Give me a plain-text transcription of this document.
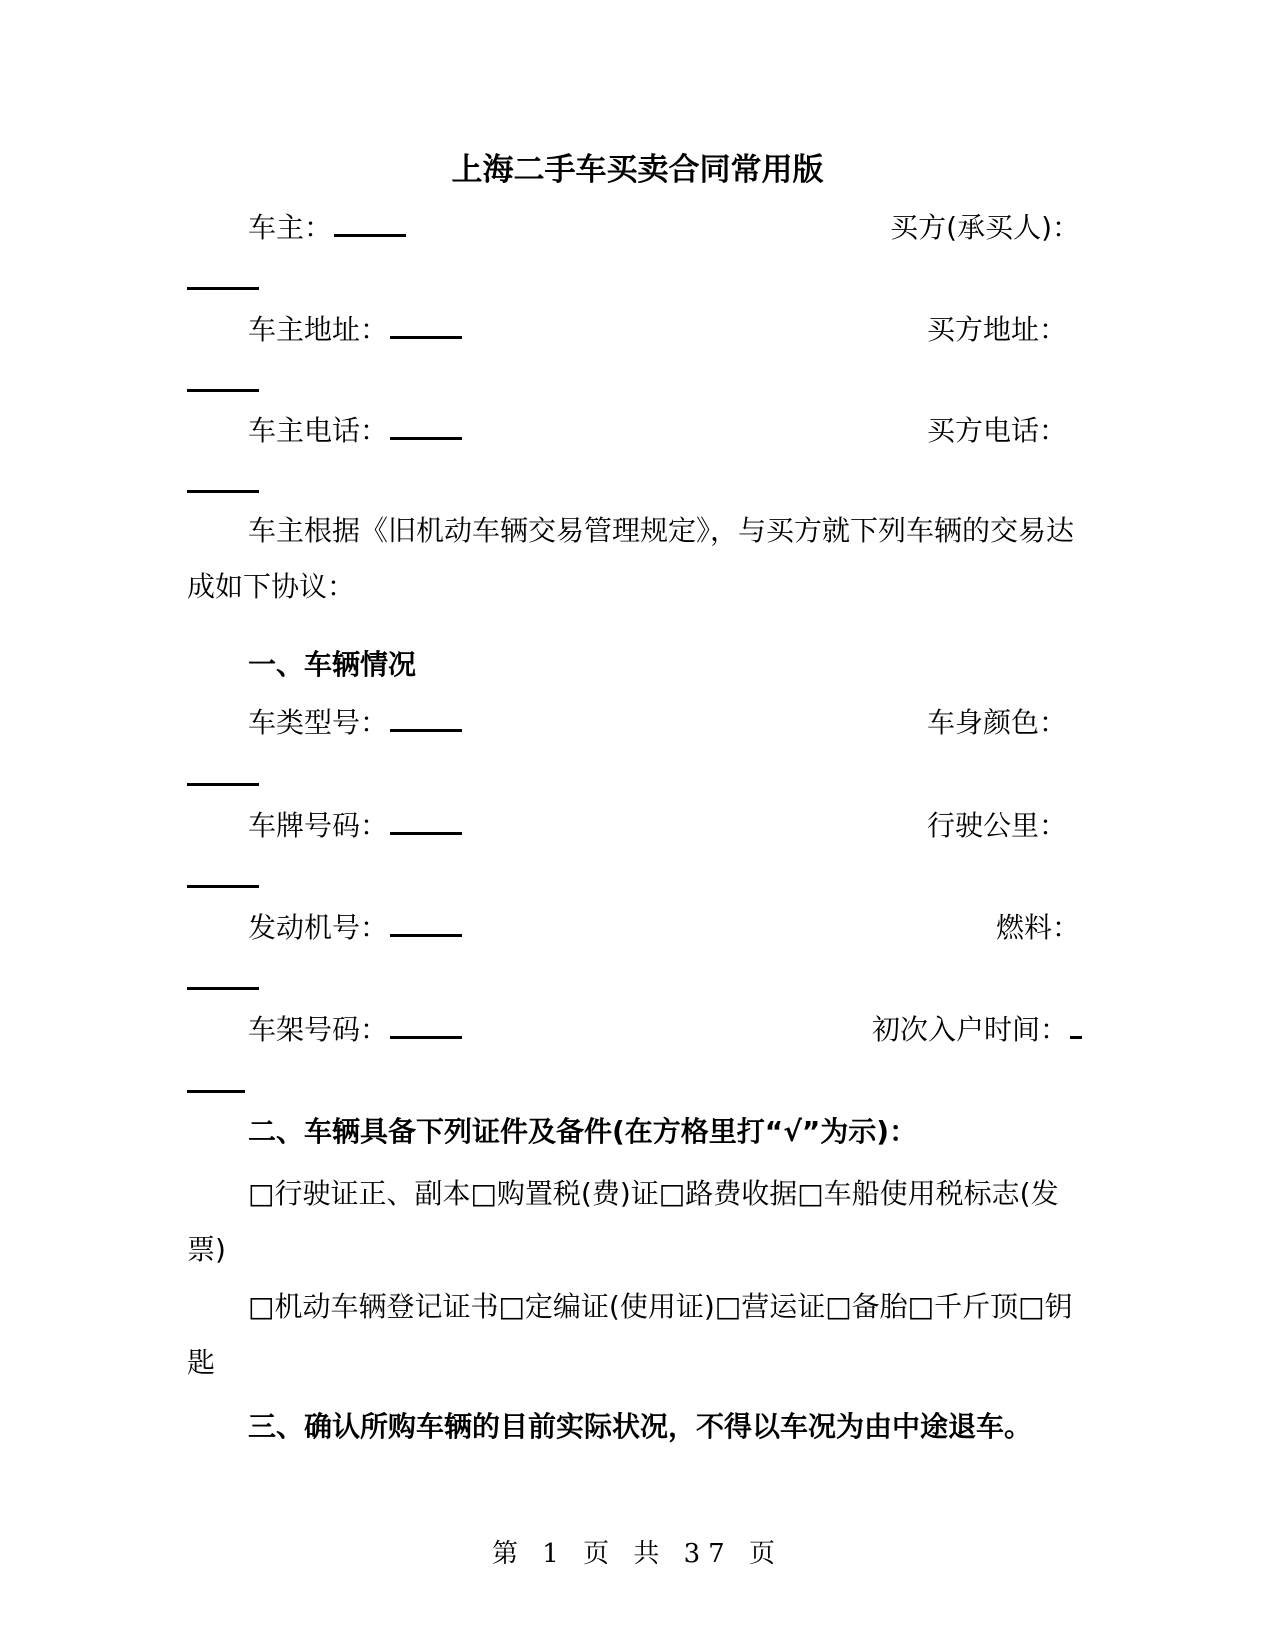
上海二手车买卖合同常用版
车主：	买方(承买人)：
车主地址：	买方地址：
车主电话：	买方电话：

车主根据《旧机动车辆交易管理规定》，与买方就下列车辆的交易达成如下协议：

一、车辆情况
车类型号：	车身颜色：
车牌号码：	行驶公里：
发动机号：	燃料：
车架号码：	初次入户时间：
二、车辆具备下列证件及备件(在方格里打“√”为示)：

□行驶证正、副本□购置税(费)证□路费收据□车船使用税标志(发票)

□机动车辆登记证书□定编证(使用证)□营运证□备胎□千斤顶□钥匙

三、确认所购车辆的目前实际状况，不得以车况为由中途退车。
第 1 页 共 37 页
